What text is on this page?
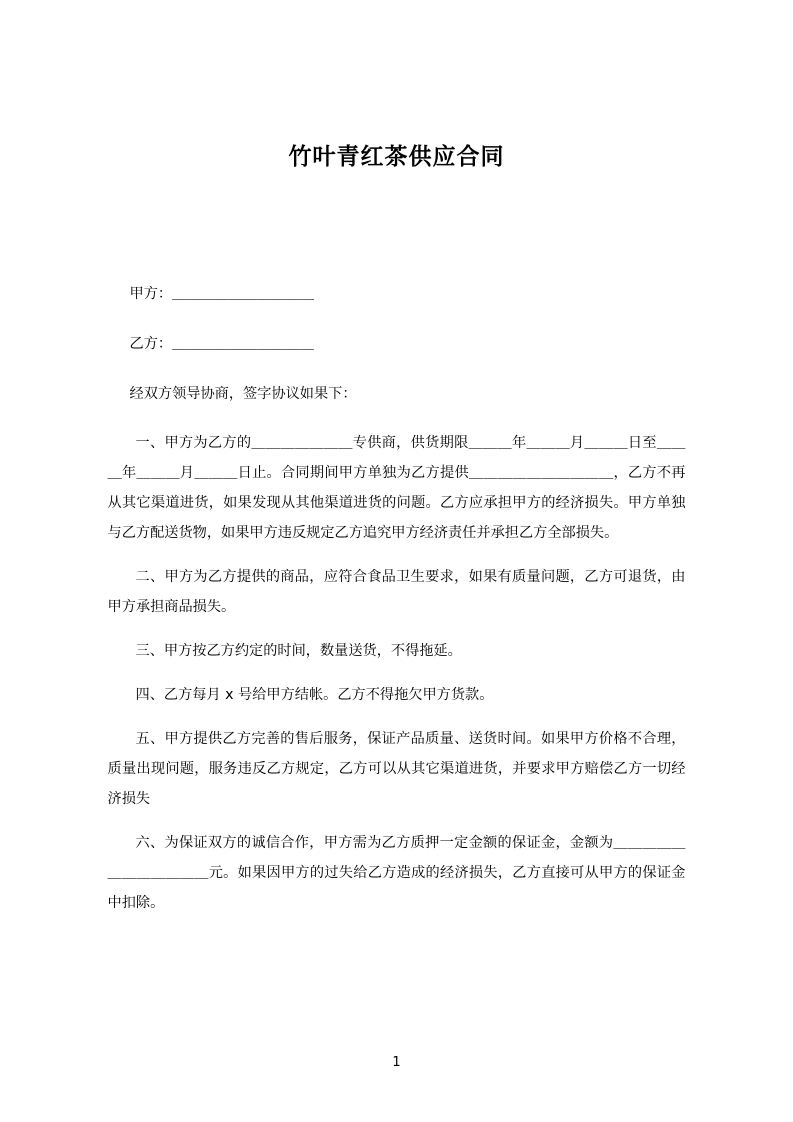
竹叶青红茶供应合同

甲方：＿＿＿＿＿＿＿＿＿＿

乙方：＿＿＿＿＿＿＿＿＿＿

经双方领导协商，签字协议如果下：

一、甲方为乙方的＿＿＿＿＿＿＿专供商，供货期限＿＿＿年＿＿＿月＿＿＿日至＿＿＿年＿＿＿月＿＿＿日止。合同期间甲方单独为乙方提供＿＿＿＿＿＿＿＿＿＿，乙方不再从其它渠道进货，如果发现从其他渠道进货的问题。乙方应承担甲方的经济损失。甲方单独与乙方配送货物，如果甲方违反规定乙方追究甲方经济责任并承担乙方全部损失。

二、甲方为乙方提供的商品，应符合食品卫生要求，如果有质量问题，乙方可退货，由甲方承担商品损失。

三、甲方按乙方约定的时间，数量送货，不得拖延。

四、乙方每月 x 号给甲方结帐。乙方不得拖欠甲方货款。

五、甲方提供乙方完善的售后服务，保证产品质量、送货时间。如果甲方价格不合理，质量出现问题，服务违反乙方规定，乙方可以从其它渠道进货，并要求甲方赔偿乙方一切经济损失

六、为保证双方的诚信合作，甲方需为乙方质押一定金额的保证金，金额为＿＿＿＿＿＿＿＿＿＿＿＿元。如果因甲方的过失给乙方造成的经济损失，乙方直接可从甲方的保证金中扣除。

1
